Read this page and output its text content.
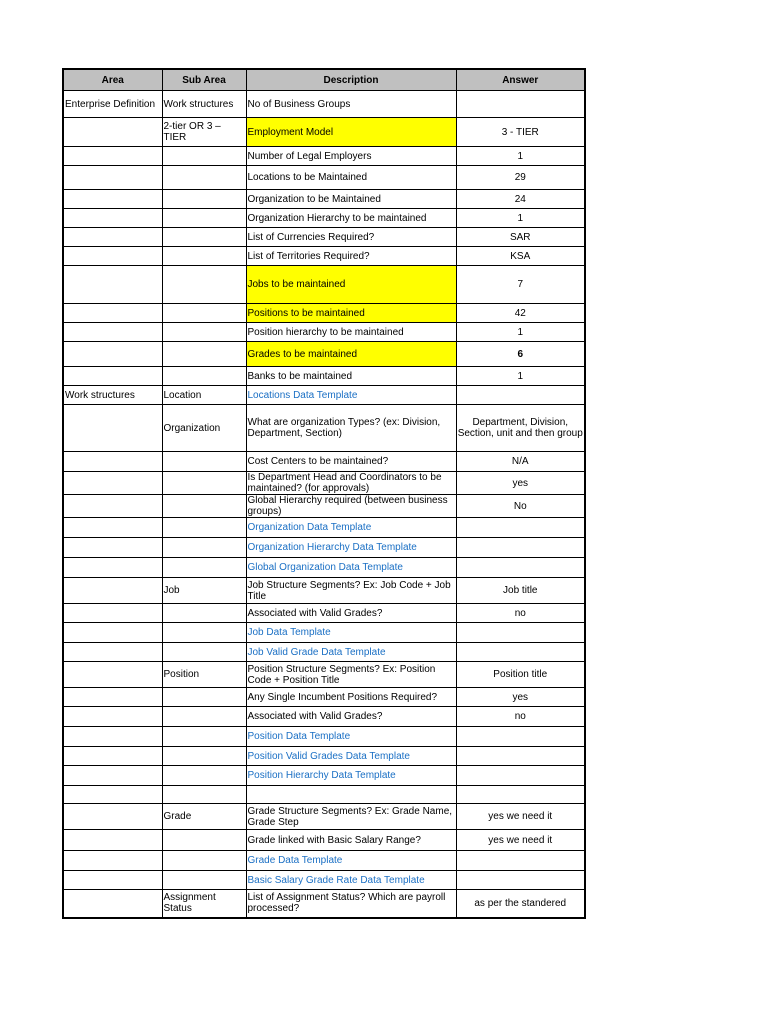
Area	Sub Area	Description	Answer
Enterprise Definition	Work structures	No of Business Groups	
	2-tier OR 3 – TIER	Employment Model	3 - TIER
		Number of Legal Employers	1
		Locations to be Maintained	29
		Organization to be Maintained	24
		Organization Hierarchy to be maintained	1
		List of Currencies Required?	SAR
		List of Territories Required?	KSA
		Jobs to be maintained	7
		Positions to be maintained	42
		Position hierarchy to be maintained	1
		Grades to be maintained	6
		Banks to be maintained	1
Work structures	Location	Locations Data Template	
	Organization	What are organization Types? (ex: Division, Department, Section)	Department, Division, Section, unit and then group
		Cost Centers to be maintained?	N/A
		Is Department Head and Coordinators to be maintained? (for approvals)	yes
		Global Hierarchy required (between business groups)	No
		Organization Data Template	
		Organization Hierarchy Data Template	
		Global Organization Data Template	
	Job	Job Structure Segments? Ex: Job Code + Job Title	Job title
		Associated with Valid Grades?	no
		Job Data Template	
		Job Valid Grade Data Template	
	Position	Position Structure Segments? Ex: Position Code + Position Title	Position title
		Any Single Incumbent Positions Required?	yes
		Associated with Valid Grades?	no
		Position Data Template	
		Position Valid Grades Data Template	
		Position Hierarchy Data Template	

	Grade	Grade Structure Segments? Ex: Grade Name, Grade Step	yes we need it
		Grade linked with Basic Salary Range?	yes we need it
		Grade Data Template	
		Basic Salary Grade Rate Data Template	
	Assignment Status	List of Assignment Status? Which are payroll processed?	as per the standered
